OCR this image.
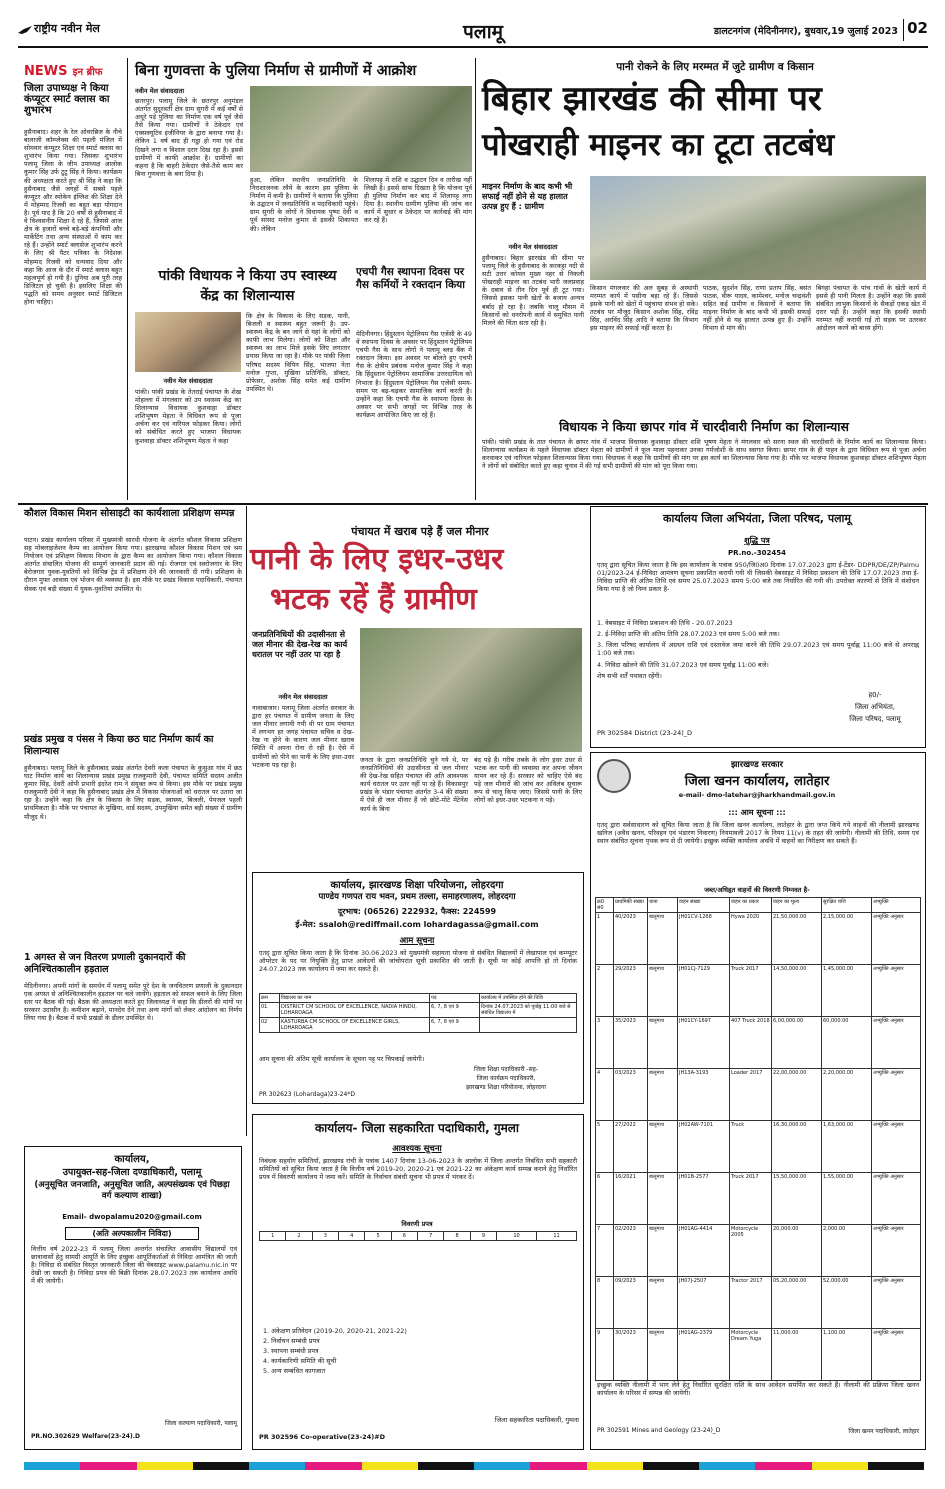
राष्ट्रीय नवीन मेल	पलामू	डालटनगंज (मेदिनीनगर), बुधवार,19 जुलाई 2023 02
NEWS इन ब्रीफ
जिला उपाध्यक्ष ने किया कंप्यूटर स्मार्ट क्लास का शुभारंभ
हुसैनाबाद। शहर के रेल ओवरब्रिज के नीचे बालाजी कॉम्प्लेक्स की पहली मंजिल में सोमवार कंप्यूटर शिक्षा एवं स्मार्ट क्लास का शुभारंभ किया गया। जिसका शुभारंभ पलामू जिला के जीप उपाध्यक्ष आलोक कुमार सिंह उर्फ टुटु सिंह ने किया। कार्यक्रम की अध्यक्षता करते हुए श्री सिंह ने कहा कि हुसैनाबाद जैसे जगहों में सबसे पहले कंप्यूटर और स्पोकेन इंग्लिश की शिक्षा देने में मोहम्मद रिजवी का बहुत बड़ा योगदान है। पूर्व याद है कि 20 वर्षों से हुसैनाबाद में वे विश्वसनीय शिक्षा दे रहे हैं, जिससे आज क्षेत्र के हजारों बच्चे बड़े-बड़े कंपनियों और मार्केटिंग तथा अन्य संस्थाओं में काम कर रहे हैं। उन्होंने स्मार्ट क्लासेज शुभारंभ करने के लिए श्री पैटर पत्रिका के निदेशक मोहम्मद रिजवी को धन्यवाद दिया और कहा कि आज के दौर में स्मार्ट क्लास बहुत महत्वपूर्ण हो गयी है। दुनिया अब पूरी तरह डिजिटल हो चुकी है। इसलिए शिक्षा की पद्धति को समय अनुसार स्मार्ट डिजिटल होना चाहिए।
बिना गुणवत्ता के पुलिया निर्माण से ग्रामीणों में आक्रोश
नवीन मेल संवाददाता
छतरपुर। पलामू जिले के छतरपुर अनुमंडल अंतर्गत सुदूरवर्ती क्षेत्र ग्राम सुगरी में कई वर्षों से अधूरे पड़े पुलिया का निर्माण एक वर्ष पूर्व जैसे तैसे किया गया। ग्रामीणों ने ठेकेदार एवं एक्सक्यूटिव इंजीनियर के द्वारा बनाया गया है। लेकिन 1 वर्ष बाद ही गड्ढा हो गया एवं रोड दिखने लगा व विशाल दरार दिख रहा है। इससे ग्रामीणों में काफी आक्रोश है। ग्रामीणों का कहना है कि बाहरी ठेकेदार जैसे-तैसे काम कर बिना गुणवत्ता के बना दिया है।
हुआ, लेकिन स्थानीय जनप्रतिनिधि के निराशाजनक रवैये के कारण इस पुलिया के निर्माण में कमी है। ग्रामीणों ने बताया कि पुलिया के उद्घाटन में जनप्रतिनिधि व पदाधिकारी पहुंचे। ग्राम सुगरी के लोगों ने विधायक पुष्पा देवी व पूर्व सांसद मनोज कुमार से इसकी शिकायत की। लेकिन
शिलापट्ट में राशि व उद्घाटन दिन व तारीख नहीं लिखी है। इससे साफ दिखता है कि योजना पूर्व ही पुलिया निर्माण कर बाद में शिलापट्ट लगा दिया है। स्थानीय ग्रामीण पुलिया की जांच कर कार्य में सुधार व ठेकेदार पर कार्रवाई की मांग कर रहे हैं।
पांकी विधायक ने किया उप स्वास्थ्य केंद्र का शिलान्यास
नवीन मेल संवाददाता
पांकी। पांकी प्रखंड के तेतराई पंचायत के शेख मोहल्ला में मंगलवार को उप स्वास्थ्य केंद्र का शिलान्यास विधायक कुशवाहा डॉक्टर शशिभूषण मेहता ने विधिवत रूप से पूजा अर्चना कर एवं नारियल फोड़कर किया। लोगों को संबोधित करते हुए भाजपा विधायक कुशवाहा डॉक्टर शशिभूषण मेहता ने कहा
कि क्षेत्र के विकास के लिए सड़क, पानी, बिजली व स्वास्थ्य बहुत जरूरी है। उप-स्वास्थ्य केंद्र के बन जाने से यहां के लोगों को काफी लाभ मिलेगा। लोगों को शिक्षा और स्वास्थ्य का लाभ मिले इसके लिए लगातार प्रयास किया जा रहा है। मौके पर पांकी जिला परिषद सदस्य विपिन सिंह, भाजपा नेता मनोज गुप्ता, मुखिया प्रतिनिधि, डॉक्टर, प्रोफेसर, अशोक सिंह समेत कई ग्रामीण उपस्थित थे।
एचपी गैस स्थापना दिवस पर गैस कर्मियों ने रक्तदान किया
मेदिनीनगर। हिंदुस्तान पेट्रोलियम गैस एजेंसी के 49 वें स्थापना दिवस के अवसर पर हिंदुस्तान पेट्रोलियम एचपी गैस के साथ लोगों ने पलामू ब्लड बैंक में रक्तदान किया। इस अवसर पर बोलते हुए एचपी गैस के क्षेत्रीय प्रबंधक मनोज कुमार सिंह ने कहा कि हिंदुस्तान पेट्रोलियम सामाजिक उत्तरदायित्व को निभाता है। हिंदुस्तान पेट्रोलियम गैस एजेंसी समय-समय पर बढ़-चढ़कर सामाजिक कार्य करती है। उन्होंने कहा कि एचपी गैस के स्थापना दिवस के अवसर पर सभी जगहों पर विभिन्न तरह के कार्यक्रम आयोजित किए जा रहे हैं।
पानी रोकने के लिए मरम्मत में जुटे ग्रामीण व किसान
बिहार झारखंड की सीमा पर
पोखराही माइनर का टूटा तटबंध
माइनर निर्माण के बाद कभी भी सफाई नहीं होने से यह हालात उत्पन्न हुए हैं : ग्रामीण
नवीन मेल संवाददाता
हुसैनाबाद। बिहार झारखंड की सीमा पर पलामू जिले के हुसैनाबाद के करकट्टा नदी से सटी उत्तर कोयल मुख्य नहर से निकली पोखराही माइनर का तटबंध भारी जलप्रवाह के दबाव से तीन दिन पूर्व ही टूट गया। जिससे इसका पानी खेतों के बजाय अन्यत्र बर्बाद हो रहा है। जबकि चालू मौसम में किसानों को धनरोपनी कार्य में समुचित पानी मिलने की चिंता सता रही है।
किसान मंगलवार की अल सुबह से अस्थायी मरम्मत कार्य में पसीना बहा रहे हैं। जिससे इसके पानी को खेतों में पहुंचाया संभव हो सके। तटबंध पर मौजूद किसान अशोक सिंह, रविंद्र सिंह, अरविंद सिंह आदि ने बताया कि विभाग इस माइनर की सफाई नहीं करता है।
पाठक, सुदर्शन सिंह, राणा प्रताप सिंह, बसंत पाठक, वीरू यादव, कामेश्वर, मनोज चन्द्रवंशी सहित कई ग्रामीण व किसानों ने बताया कि माइनर निर्माण के बाद कभी भी इसकी सफाई नहीं होने से यह हालात उत्पन्न हुए हैं। उन्होंने विभाग से मांग की।
बिगहा पंचायत के पांच गांवों के खेती कार्य में इससे ही पानी मिलता है। उन्होंने कहा कि इससे संबंधित लाभुक किसानों के सैकड़ों एकड़ खेत में दरार पड़ी है। उन्होंने कहा कि इसकी स्थायी मरम्मत नहीं करायी गई तो सड़क पर उतरकर आंदोलन करने को बाध्य होंगे।
विधायक ने किया छापर गांव में चारदीवारी निर्माण का शिलान्यास
पांकी। पांकी प्रखंड के तात पंचायत के छापर गांव में भाजपा विधायक कुशवाहा डॉक्टर शशि भूषण मेहता ने मंगलवार को सरना स्थल की चारदीवारी के निर्माण कार्य का शिलान्यास किया। शिलान्यास कार्यक्रम के पहले विधायक डॉक्टर मेहता को ग्रामीणों ने फूल माला पहनाकर उनका गर्मजोशी के साथ स्वागत किया। छापर गांव के ही पाहन के द्वारा विधिवत रूप से पूजा अर्चना करवाकर एवं नारियल फोड़कर शिलान्यास किया गया। विधायक ने कहा कि ग्रामीणों की मांग पर इस कार्य का शिलान्यास किया गया है। मौके पर भाजपा विधायक कुशवाहा डॉक्टर शशिभूषण मेहता ने लोगों को संबोधित करते हुए कहा चुनाव में की गई सभी ग्रामीणों की मांग को पूरा किया गया।
कौशल विकास मिशन सोसाइटी का कार्यशाला प्रशिक्षण सम्पन्न
पाटन। प्रखंड कार्यालय परिसर में मुख्यमंत्री सारथी योजना के अंतर्गत कौशल विकास प्रशिक्षण सह मोबलाइजेशन कैम्प का आयोजन किया गया। झारखण्ड कौशल विकास मिशन एवं श्रम नियोजन एवं प्रशिक्षण विकास विभाग के द्वारा कैम्प का आयोजन किया गया। कौशल विकास अंतर्गत संचालित योजना की सम्पूर्ण जानकारी प्रदान की गई। रोजगार एवं स्वरोजगार के लिए बेरोजगार युवक-युवतियों को विभिन्न ट्रेड में प्रशिक्षण देने की जानकारी दी गयी। प्रशिक्षण के दौरान मुफ्त आवास एवं भोजन की व्यवस्था है। इस मौके पर प्रखंड विकास पदाधिकारी, पंचायत सेवक एवं बड़ी संख्या में युवक-युवतियां उपस्थित थे।
प्रखंड प्रमुख व पंसस ने किया छठ घाट निर्माण कार्य का शिलान्यास
हुसैनाबाद। पलामू जिले के हुसैनाबाद प्रखंड अंतर्गत देवरी कला पंचायत के कुसुआ गांव में छठ घाट निर्माण कार्य का शिलान्यास प्रखंड प्रमुख राजकुमारी देवी, पंचायत समिति सदस्य अजीत कुमार सिंह, देवरी ओपी प्रभारी इंदरेश राम ने संयुक्त रूप से किया। इस मौके पर प्रखंड प्रमुख राजकुमारी देवी ने कहा कि हुसैनाबाद प्रखंड क्षेत्र में विकास योजनाओं को धरातल पर उतारा जा रहा है। उन्होंने कहा कि क्षेत्र के विकास के लिए सड़क, स्वास्थ्य, बिजली, पेयजल पहली प्राथमिकता है। मौके पर पंचायत के मुखिया, वार्ड सदस्य, उपमुखिया समेत बड़ी संख्या में ग्रामीण मौजूद थे।
1 अगस्त से जन वितरण प्रणाली दुकानदारों की अनिश्चितकालीन हड़ताल
मेदिनीनगर। अपनी मांगों के समर्थन में पलामू समेत पूरे देश के जनवितरण प्रणाली के दुकानदार एक अगस्त से अनिश्चितकालीन हड़ताल पर चले जायेंगे। हड़ताल को सफल बनाने के लिए जिला स्तर पर बैठक की गई। बैठक की अध्यक्षता करते हुए जिलाध्यक्ष ने कहा कि डीलरों की मांगों पर सरकार उदासीन है। कमीशन बढ़ाने, मानदेय देने तथा अन्य मांगों को लेकर आंदोलन का निर्णय लिया गया है। बैठक में सभी प्रखंडों के डीलर उपस्थित थे।
पंचायत में खराब पड़े हैं जल मीनार
पानी के लिए इधर-उधर
भटक रहें हैं ग्रामीण
जनप्रतिनिधियों की उदासीनता से जल मीनार की देख-रेख का कार्य धरातल पर नहीं उतर पा रहा है
नवीन मेल संवाददाता
नावाबाजार। पलामू जिला अंतर्गत सरकार के द्वारा हर पंचायत में ग्रामीण जनता के लिए जल मीनार लगायी गयी थी पर ग्राम पंचायत में लगभग हर जगह पंचायत सचिव व देख-रेख ना होने के कारण जल मीनार खराब स्थिति में अपना रोना रो रही है। ऐसे में ग्रामीणों को पीने का पानी के लिए इधर-उधर भटकना पड़ रहा है।
जनता के द्वारा जनप्रतिनिधि चुने गये थे, पर जनप्रतिनिधियों की उदासीनता से जल मीनार की देख-रेख सहित पंचायत की अति आवश्यक कार्य धरातल पर उतर नहीं पा रहे हैं। विकासपुर प्रखंड के भंडार पंचायत अंतर्गत 3-4 की संख्या में ऐसे ही जल मीनार हैं जो छोटे-मोटे मेंटेनेंस कार्य के बिना
बंद पड़े हैं। गरीब तबके के लोग इधर उधर से भटक कर पानी की व्यवस्था कर अपना जीवन यापन कर रहे हैं। सरकार को चाहिए ऐसे बंद पड़े जल मीनारों की जांच कर अविलंब सुचारू रूप से चालू किया जाए। जिससे पानी के लिए लोगों को इधर-उधर भटकना न पड़े।
कार्यालय जिला अभियंता, जिला परिषद, पलामू
शुद्धि पत्र
PR.no.-302454
एतद् द्वारा सूचित किया जाता है कि इस कार्यालय के पत्रांक 950/जि0अ0 दिनांक 17.07.2023 द्वारा ई-टेंडर- DDPR/DE/ZP/Palmu 01/2023-24 ई-निविदा आमंत्रण सूचना प्रकाशित करायी गयी थी जिसकी वेबसाइट में निविदा प्रकाशन की तिथि 17.07.2023 तथा ई-निविदा प्राप्ति की अंतिम तिथि एवं समय 25.07.2023 समय 5:00 बजे तक निर्धारित की गयी थी। उपरोक्त कारणों से तिथि में संशोधन किया गया है जो निम्न प्रकार है-
1. वेबसाइट में निविदा प्रकाशन की तिथि - 20.07.2023
2. ई-निविदा प्राप्ति की अंतिम तिथि 28.07.2023 एवं समय 5:00 बजे तक।
3. जिला परिषद कार्यालय में अग्रधन राशि एवं दस्तावेज जमा करने की तिथि 29.07.2023 एवं समय पूर्वाह्न 11:00 बजे से अपराह्न 1:00 बजे तक।
4. निविदा खोलने की तिथि 31.07.2023 एवं समय पूर्वाह्न 11:00 बजे।
शेष सभी शर्तें यथावत रहेंगी।
ह0/-
जिला अभियंता,
जिला परिषद, पलामू
PR 302584 District (23-24)_D
झारखण्ड सरकार
जिला खनन कार्यालय, लातेहार
e-mail- dmo-latehar@jharkhandmail.gov.in
::: आम सूचना :::
एतद् द्वारा सर्वसाधारण को सूचित किया जाता है कि जिला खनन कार्यालय, लातेहार के द्वारा जप्त किये गये वाहनों की नीलामी झारखण्ड खनिज (अवैध खनन, परिवहन एवं भंडारण निवारण) नियमावली 2017 के नियम 11(v) के तहत की जायेगी। नीलामी की तिथि, समय एवं स्थान संबंधित सूचना पृथक रूप से दी जायेगी। इच्छुक व्यक्ति कार्यालय अवधि में वाहनों का निरीक्षण कर सकते हैं।
जब्त/अधिहृत वाहनों की विवरणी निम्नवत है-
क्र0 सं0	प्राथमिकी संख्या	थाना	वाहन संख्या	वाहन का प्रकार	वाहन का मूल्य	सुरक्षित राशि	अभ्युक्ति
1	40/2023	बालूमाथ	JH01CV-1268	Hywa 2020	21,50,000.00	2,15,000.00	अभ्युक्ति अनुसार
2	29/2023	बालूमाथ	JH01CJ-7129	Truck 2017	14,50,000.00	1,45,000.00	अभ्युक्ति अनुसार
3	35/2023	बालूमाथ	JH01CY-1697	407 Truck 2018	6,00,000.00	60,000.00	अभ्युक्ति अनुसार
4	03/2023	बालूमाथ	JH13A-3193	Loader 2017	22,00,000.00	2,20,000.00	अभ्युक्ति अनुसार
5	27/2022	बालूमाथ	JH02AW-7101	Truck	16,30,000.00	1,63,000.00	अभ्युक्ति अनुसार
6	16/2021	बालूमाथ	JH01B-2577	Truck 2017	15,50,000.00	1,55,000.00	अभ्युक्ति अनुसार
7	02/2023	बालूमाथ	JH01AG-4414	Motorcycle 2005	20,000.00	2,000.00	अभ्युक्ति अनुसार
8	09/2023	बालूमाथ	JH07J-2507	Tractor 2017	05,20,000.00	52,000.00	अभ्युक्ति अनुसार
9	30/2023	बालूमाथ	JH01AG-2379	Motorcycle Dream Yuga	11,000.00	1,100.00	अभ्युक्ति अनुसार
इच्छुक व्यक्ति नीलामी में भाग लेने हेतु निर्धारित सुरक्षित राशि के साथ आवेदन समर्पित कर सकते हैं। नीलामी की प्रक्रिया जिला खनन कार्यालय के परिसर में सम्पन्न की जायेगी।
PR 302591 Mines and Geology (23-24)_D	जिला खनन पदाधिकारी, लातेहार
कार्यालय, झारखण्ड शिक्षा परियोजना, लोहरदगा
पाण्डेय गणपत राय भवन, प्रथम तल्ला, समाहरणालय, लोहरदगा
दूरभाष: (06526) 222932, फैक्स: 224599
ई-मेल: ssaloh@rediffmail.com lohardagassa@gmail.com
आम सूचना
एतद् द्वारा सूचित किया जाता है कि दिनांक 30.06.2023 को मुख्यमंत्री सहायता योजना से संबंधित विद्यालयों में लेखापाल एवं कम्प्यूटर ऑपरेटर के पद पर नियुक्ति हेतु प्राप्त आवेदनों की जांचोपरांत सूची प्रकाशित की जाती है। सूची पर कोई आपत्ति हो तो दिनांक 24.07.2023 तक कार्यालय में जमा कर सकते हैं।
क्रम	विद्यालय का नाम	पद	कार्यालय में उपस्थित होने की तिथि
01	DISTRICT CM SCHOOL OF EXCELLENCE, NADIA HINDU, LOHARDAGA	6, 7, 8 एवं 9	दिनांक 24.07.2023 को पूर्वाह्न 11:00 बजे से संबंधित विद्यालय में
02	KASTURBA CM SCHOOL OF EXCELLENCE GIRLS, LOHARDAGA	6, 7, 8 एवं 9	
आम सूचना की अंतिम सूची कार्यालय के सूचना पट्ट पर चिपकाई जायेगी।
जिला शिक्षा पदाधिकारी -सह-
जिला कार्यक्रम पदाधिकारी,
झारखण्ड शिक्षा परियोजना, लोहरदगा
PR 302623 (Lohardaga)23-24*D
कार्यालय- जिला सहकारिता पदाधिकारी, गुमला
आवश्यक सूचना
निबंधक सहयोग समितियाँ, झारखण्ड रांची के पत्रांक 1407 दिनांक 13-06-2023 के आलोक में जिला अन्तर्गत निबंधित सभी सहकारी समितियों को सूचित किया जाता है कि वित्तीय वर्ष 2019-20, 2020-21 एवं 2021-22 का अंकेक्षण कार्य सम्पन्न कराने हेतु निर्धारित प्रपत्र में विवरणी कार्यालय में जमा करें। समिति के निर्वाचन संबंधी सूचना भी प्रपत्र में भरकर दें।
विवरणी प्रपत्र
1	2	3	4	5	6	7	8	9	10	11
1. अंकेक्षण प्रतिवेदन (2019-20, 2020-21, 2021-22)
2. निर्वाचन सम्बंधी प्रपत्र
3. स्थापना सम्बंधी प्रपत्र
4. कार्यकारिणी समिति की सूची
5. अन्य सम्बंधित कागजात
जिला सहकारिता पदाधिकारी, गुमला
PR 302596 Co-operative(23-24)#D
कार्यालय,
उपायुक्त-सह-जिला दण्डाधिकारी, पलामू
(अनुसूचित जनजाति, अनुसूचित जाति, अल्पसंख्यक एवं पिछड़ा वर्ग कल्याण शाखा)
Email- dwopalamu2020@gmail.com
(अति अल्पकालीन निविदा)
वित्तीय वर्ष 2022-23 में पलामू जिला अन्तर्गत संचालित आवासीय विद्यालयों एवं छात्रावासों हेतु सामग्री आपूर्ति के लिए इच्छुक आपूर्तिकर्ताओं से निविदा आमंत्रित की जाती है। निविदा से संबंधित विस्तृत जानकारी जिला की वेबसाइट www.palamu.nic.in पर देखी जा सकती है। निविदा प्रपत्र की बिक्री दिनांक 28.07.2023 तक कार्यालय अवधि में की जायेगी।
जिला कल्याण पदाधिकारी, पलामू
PR.NO.302629 Welfare(23-24).D
